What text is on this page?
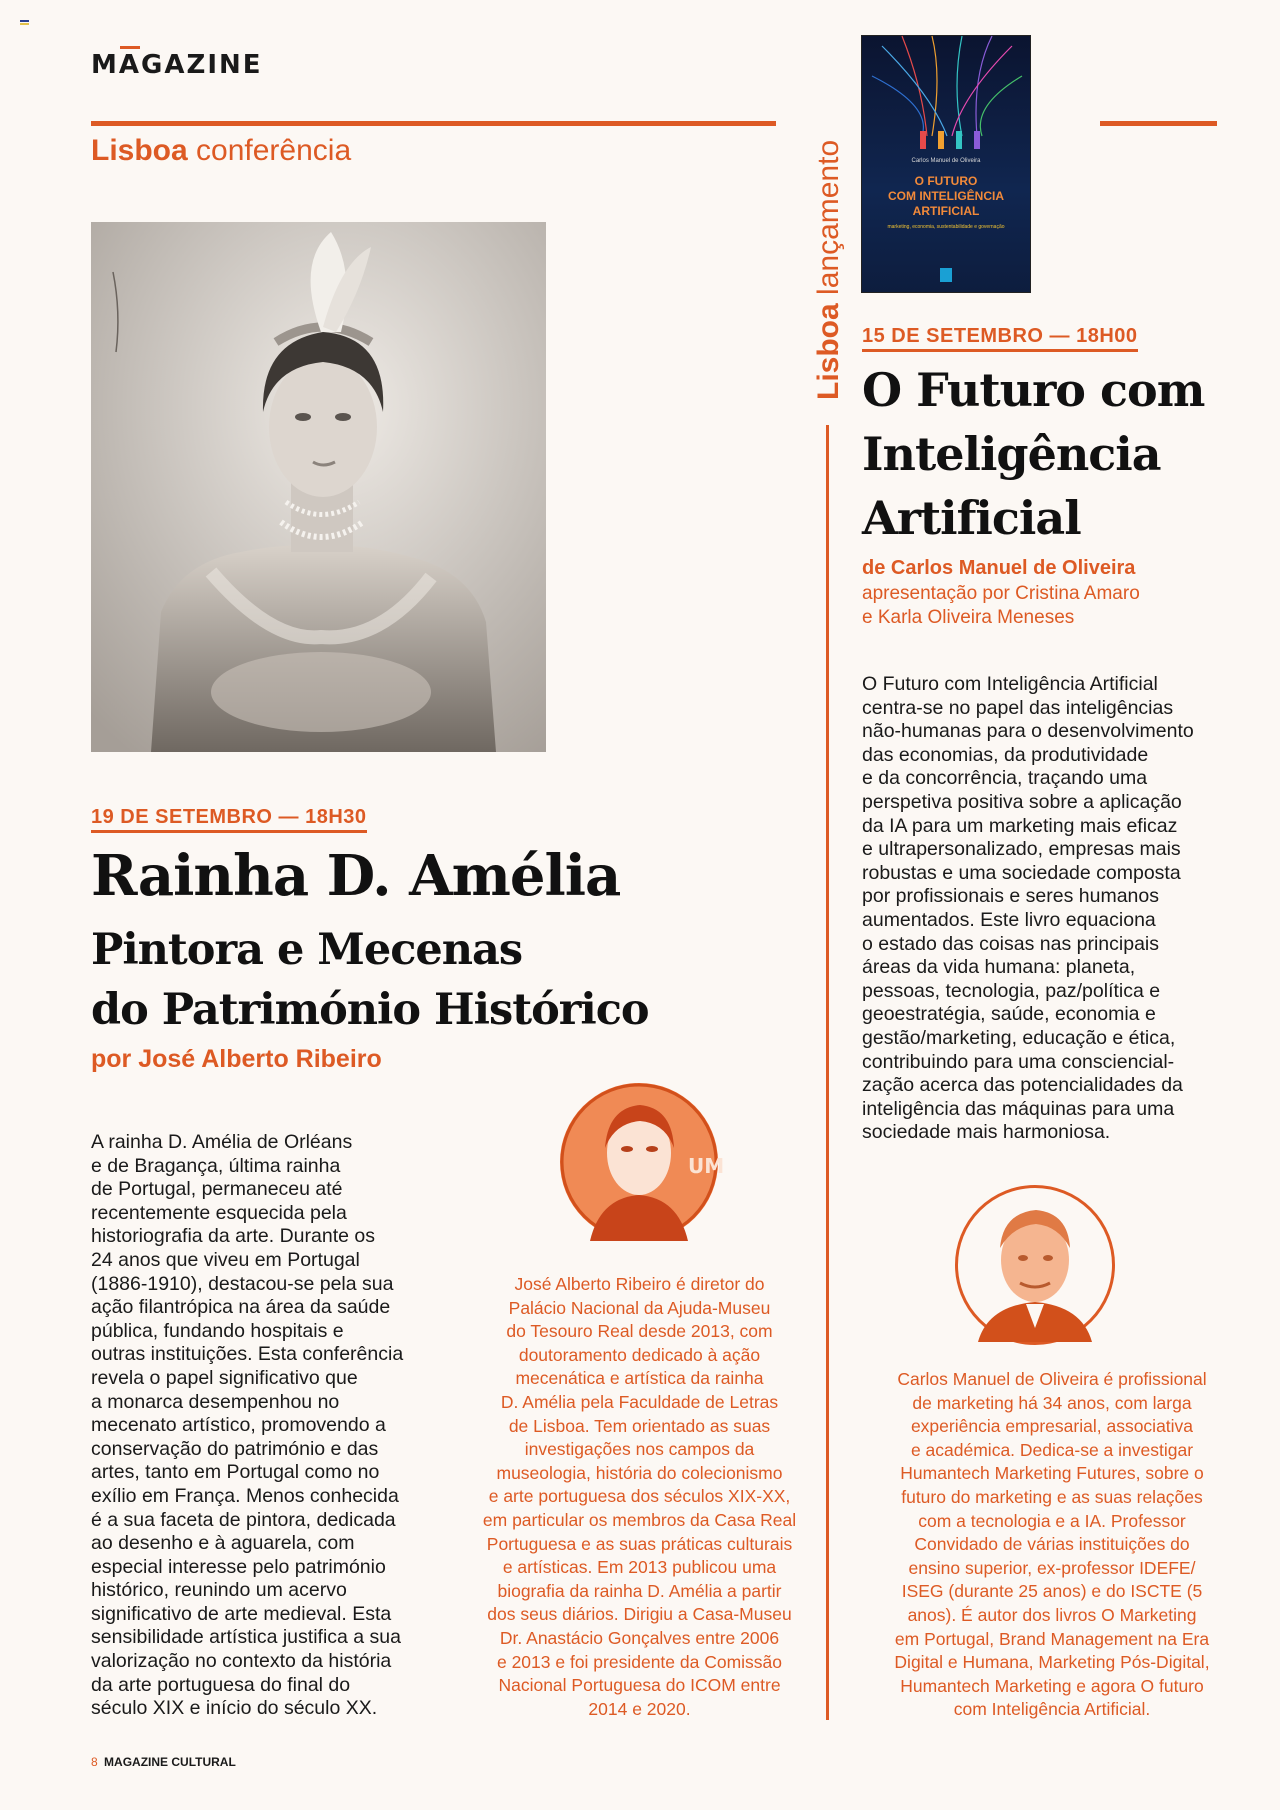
MAGAZINE
Lisboa conferência
19 DE SETEMBRO — 18H30
Rainha D. Amélia
Pintora e Mecenas
do Património Histórico
por José Alberto Ribeiro
A rainha D. Amélia de Orléans
e de Bragança, última rainha
de Portugal, permaneceu até
recentemente esquecida pela
historiografia da arte. Durante os
24 anos que viveu em Portugal
(1886-1910), destacou-se pela sua
ação filantrópica na área da saúde
pública, fundando hospitais e
outras instituições. Esta conferência
revela o papel significativo que
a monarca desempenhou no
mecenato artístico, promovendo a
conservação do património e das
artes, tanto em Portugal como no
exílio em França. Menos conhecida
é a sua faceta de pintora, dedicada
ao desenho e à aguarela, com
especial interesse pelo património
histórico, reunindo um acervo
significativo de arte medieval. Esta
sensibilidade artística justifica a sua
valorização no contexto da história
da arte portuguesa do final do
século XIX e início do século XX.
UM
José Alberto Ribeiro é diretor do
Palácio Nacional da Ajuda-Museu
do Tesouro Real desde 2013, com
doutoramento dedicado à ação
mecenática e artística da rainha
D. Amélia pela Faculdade de Letras
de Lisboa. Tem orientado as suas
investigações nos campos da
museologia, história do colecionismo
e arte portuguesa dos séculos XIX-XX,
em particular os membros da Casa Real
Portuguesa e as suas práticas culturais
e artísticas. Em 2013 publicou uma
biografia da rainha D. Amélia a partir
dos seus diários. Dirigiu a Casa-Museu
Dr. Anastácio Gonçalves entre 2006
e 2013 e foi presidente da Comissão
Nacional Portuguesa do ICOM entre
2014 e 2020.
Lisboa lançamento	Carlos Manuel de Oliveira
O FUTURO
COM INTELIGÊNCIA
ARTIFICIAL
marketing, economia, sustentabilidade e governação
15 DE SETEMBRO — 18H00
O Futuro com
Inteligência
Artificial
de Carlos Manuel de Oliveira
apresentação por Cristina Amaro
e Karla Oliveira Meneses
O Futuro com Inteligência Artificial
centra-se no papel das inteligências
não-humanas para o desenvolvimento
das economias, da produtividade
e da concorrência, traçando uma
perspetiva positiva sobre a aplicação
da IA para um marketing mais eficaz
e ultrapersonalizado, empresas mais
robustas e uma sociedade composta
por profissionais e seres humanos
aumentados. Este livro equaciona
o estado das coisas nas principais
áreas da vida humana: planeta,
pessoas, tecnologia, paz/política e
geoestratégia, saúde, economia e
gestão/marketing, educação e ética,
contribuindo para uma consciencial-
zação acerca das potencialidades da
inteligência das máquinas para uma
sociedade mais harmoniosa.
Carlos Manuel de Oliveira é profissional
de marketing há 34 anos, com larga
experiência empresarial, associativa
e académica. Dedica-se a investigar
Humantech Marketing Futures, sobre o
futuro do marketing e as suas relações
com a tecnologia e a IA. Professor
Convidado de várias instituições do
ensino superior, ex-professor IDEFE/
ISEG (durante 25 anos) e do ISCTE (5
anos). É autor dos livros O Marketing
em Portugal, Brand Management na Era
Digital e Humana, Marketing Pós-Digital,
Humantech Marketing e agora O futuro
com Inteligência Artificial.
8 MAGAZINE CULTURAL
